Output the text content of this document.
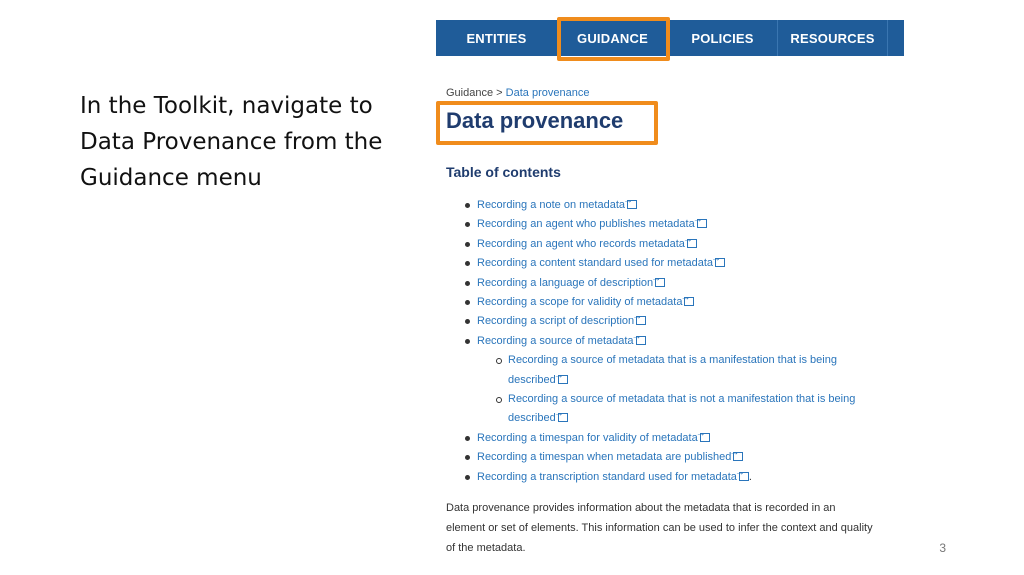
In the Toolkit, navigate to Data Provenance from the Guidance menu
3
ENTITIES	GUIDANCE	POLICIES	RESOURCES
Guidance > Data provenance
Data provenance
Table of contents
Recording a note on metadata→
Recording an agent who publishes metadata→
Recording an agent who records metadata→
Recording a content standard used for metadata→
Recording a language of description→
Recording a scope for validity of metadata→
Recording a script of description→
Recording a source of metadata→
Recording a source of metadata that is a manifestation that is being
described→
Recording a source of metadata that is not a manifestation that is being
described→
Recording a timespan for validity of metadata→
Recording a timespan when metadata are published→
Recording a transcription standard used for metadata→ .
Data provenance provides information about the metadata that is recorded in an element or set of elements. This information can be used to infer the context and quality of the metadata.
